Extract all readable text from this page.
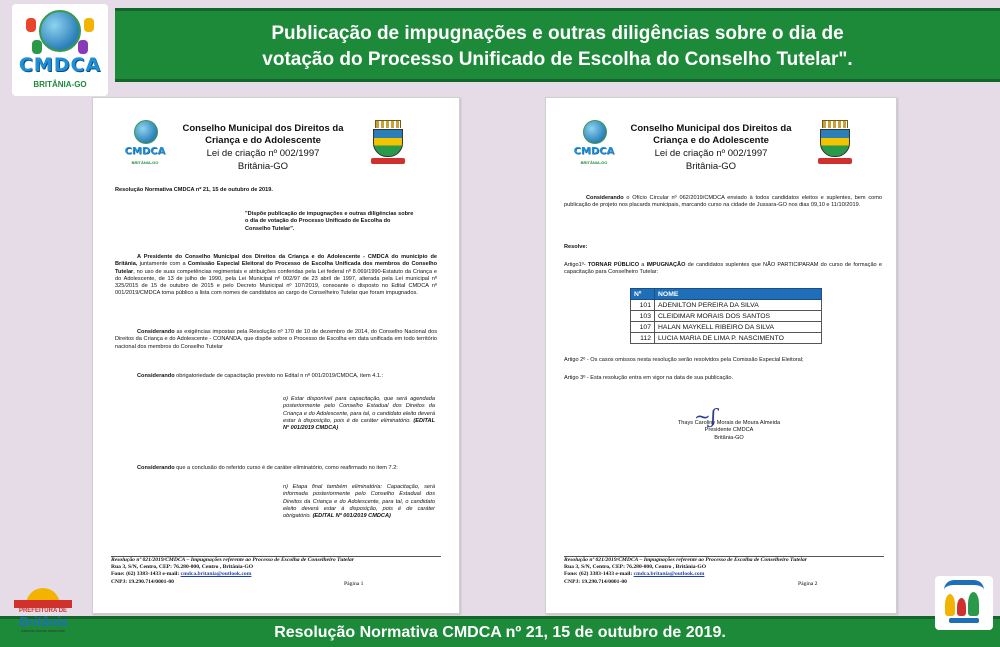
CMDCA
BRITÂNIA-GO
Publicação de impugnações e outras diligências sobre o dia de
votação do Processo Unificado de Escolha do Conselho Tutelar".
CMDCA
BRITÂNIA-GO
Conselho Municipal dos Direitos da
Criança e do Adolescente
Lei de criação nº 002/1997
Britânia-GO
Resolução Normativa CMDCA nº 21, 15 de outubro de 2019.
"Dispõe publicação de impugnações e outras diligências sobre o dia de votação do Processo Unificado de Escolha do Conselho Tutelar".
A Presidente do Conselho Municipal dos Direitos da Criança e do Adolescente - CMDCA do município de Britânia, juntamente com a Comissão Especial Eleitoral do Processo de Escolha Unificada dos membros do Conselho Tutelar, no uso de suas competências regimentais e atribuições conferidas pela Lei federal nº 8.069/1990-Estatuto da Criança e do Adolescente, de 13 de julho de 1990, pela Lei Municipal nº 002/97 de 23 abril de 1997, alterada pela Lei municipal nº 325/2015 de 15 de outubro de 2015 e pelo Decreto Municipal nº 107/2019, consoante o disposto no Edital CMDCA nº 001/2019/CMDCA toma público a lista com nomes de candidatos ao cargo de Conselheiro Tutelar que foram impugnados.
Considerando as exigências impostas pela Resolução nº 170 de 10 de dezembro de 2014, do Conselho Nacional dos Direitos da Criança e do Adolescente - CONANDA, que dispõe sobre o Processo de Escolha em data unificada em todo território nacional dos membros do Conselho Tutelar
Considerando obrigatoriedade de capacitação previsto no Edital n nº 001/2019/CMDCA, item 4.1.:
o) Estar disponível para capacitação, que será agendada posteriormente pelo Conselho Estadual dos Direitos da Criança e do Adolescente, para tal, o candidato eleito deverá estar à disposição, pois é de caráter eliminatório. (EDITAL Nº 001/2019 CMDCA)
Considerando que a conclusão do referido curso é de caráter eliminatório, como reafirmado no item 7.2:
n) Etapa final também eliminatória: Capacitação, será informada posteriormente pelo Conselho Estadual dos Direitos da Criança e do Adolescente, para tal, o candidato eleito deverá estar à disposição, pois é de caráter obrigatório. (EDITAL Nº 001/2019 CMDCA)
Resolução nº 021/2019/CMDCA – Impugnações referente ao Processo de Escolha de Conselheiro Tutelar
Rua 3, S/N, Centro, CEP: 76.280-000, Centro , Britânia-GO
Fone: (62) 3383-1433 e-mail: cmdca.britania@outlook.com
CNPJ: 19.290.714/0001-00	Página 1
CMDCA
BRITÂNIA-GO
Conselho Municipal dos Direitos da
Criança e do Adolescente
Lei de criação nº 002/1997
Britânia-GO
Considerando o Ofício Circular nº 062/2019/CMDCA enviado à todos candidatos eleitos e suplentes, bem como publicação de projeto nos placards municipais, marcando curso na cidade de Jussara-GO nos dias 09,10 e 11/10/2019.
Resolve:
Artigo1º- TORNAR PÚBLICO a IMPUGNAÇÃO de candidatos suplentes que NÃO PARTICIPARAM do curso de formação e capacitação para Conselheiro Tutelar:
Nº	NOME
101	ADENILTON PEREIRA DA SILVA
103	CLEIDIMAR MORAIS DOS SANTOS
107	HALAN MAYKELL RIBEIRO DA SILVA
112	LUCIA MARIA DE LIMA P. NASCIMENTO
Artigo 2º - Os casos omissos nesta resolução serão resolvidos pela Comissão Especial Eleitoral;
Artigo 3º - Esta resolução entra em vigor na data de sua publicação.
~ʃ
Thays Caroliny Morais de Moura Almeida
Presidente CMDCA
Britânia-GO
Resolução nº 021/2019/CMDCA – Impugnações referente ao Processo de Escolha de Conselheiro Tutelar
Rua 3, S/N, Centro, CEP: 76.280-000, Centro , Britânia-GO
Fone: (62) 3383-1433 e-mail: cmdca.britania@outlook.com
CNPJ: 19.290.714/0001-00	Página 2

Resolução Normativa CMDCA nº 21, 15 de outubro de 2019.

PREFEITURA DE
Britânia
Abrindo novos caminhos
